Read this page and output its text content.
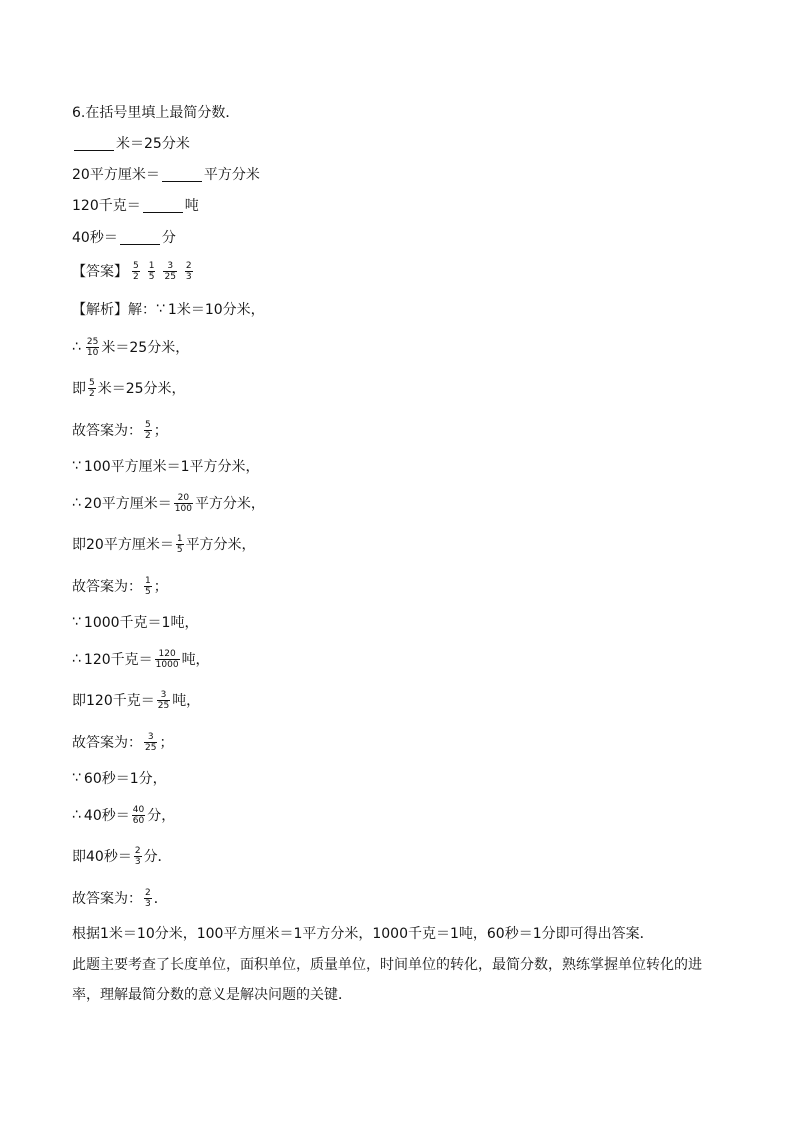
6.在括号里填上最简分数．
米＝25分米
20平方厘米＝	平方分米
120千克＝	吨
40秒＝	分
【答案】 $\frac{5}{2} \frac{1}{5} \frac{3}{25} \frac{2}{3}$
【解析】解： ∵ 1米＝10分米，
∴ $\frac{25}{10}$ 米＝25分米，
即 $\frac{5}{2}$ 米＝25分米，
故答案为： $\frac{5}{2}$ ；
∵ 100平方厘米＝1平方分米，
∴ 20平方厘米＝ $\frac{20}{100}$ 平方分米，
即20平方厘米＝ $\frac{1}{5}$ 平方分米，
故答案为： $\frac{1}{5}$ ；
∵ 1000千克＝1吨，
∴ 120千克＝ $\frac{120}{1000}$ 吨，
即120千克＝ $\frac{3}{25}$ 吨，
故答案为： $\frac{3}{25}$ ；
∵ 60秒＝1分，
∴ 40秒＝ $\frac{40}{60}$ 分，
即40秒＝ $\frac{2}{3}$ 分．
故答案为： $\frac{2}{3}$ ．
根据1米＝10分米，100平方厘米＝1平方分米，1000千克＝1吨，60秒＝1分即可得出答案．
此题主要考查了长度单位，面积单位，质量单位，时间单位的转化，最简分数，熟练掌握单位转化的进率，理解最简分数的意义是解决问题的关键．
